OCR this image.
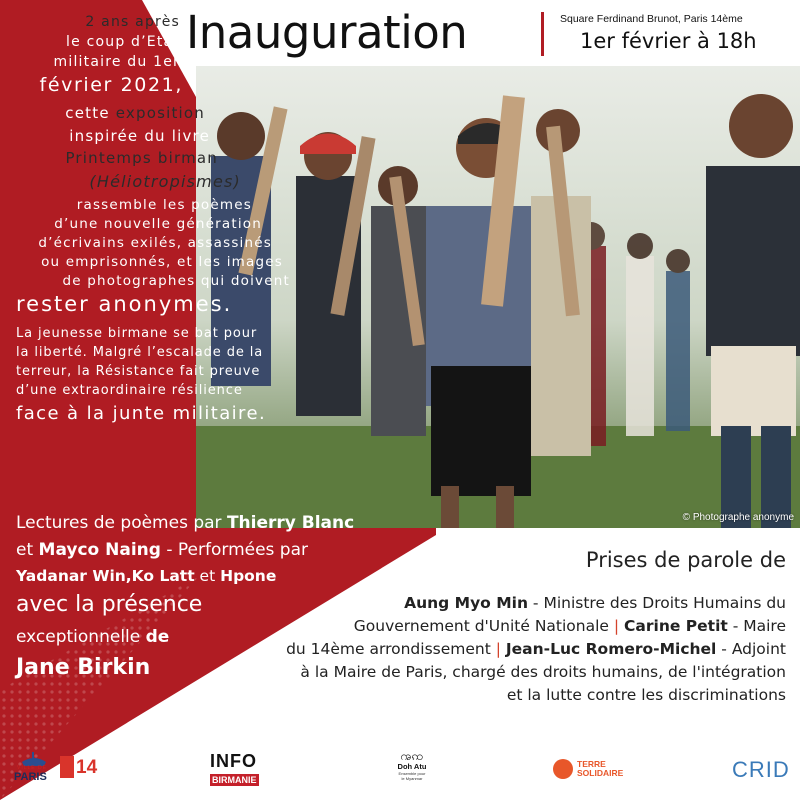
© Photographe anonyme
Inauguration	Square Ferdinand Brunot, Paris 14ème
1er février à 18h
2 ans après
le coup d’Etat
militaire du 1er
février 2021,
cette exposition
inspirée du livre
Printemps birman
(Héliotropismes)
rassemble les poèmes
d’une nouvelle génération
d’écrivains exilés, assassinés
ou emprisonnés, et les images
de photographes qui doivent
rester anonymes.
La jeunesse birmane se bat pour
la liberté. Malgré l’escalade de la
terreur, la Résistance fait preuve
d’une extraordinaire résilience
face à la junte militaire.
Lectures de poèmes par Thierry Blanc
et Mayco Naing - Performées par
Yadanar Win,Ko Latt et Hpone
avec la présence
exceptionnelle de
Jane Birkin
Prises de parole de
Aung Myo Min - Ministre des Droits Humains du
Gouvernement d'Unité Nationale | Carine Petit - Maire
du 14ème arrondissement | Jean-Luc Romero-Michel - Adjoint
à la Maire de Paris, chargé des droits humains, de l'intégration
et la lutte contre les discriminations
VILLE DE
PARIS 14	INFO
BIRMANIE
ꩠꩡ
Doh Atu
Ensemble pour
le Myanmar
TERRE
SOLIDAIRE	CRID
